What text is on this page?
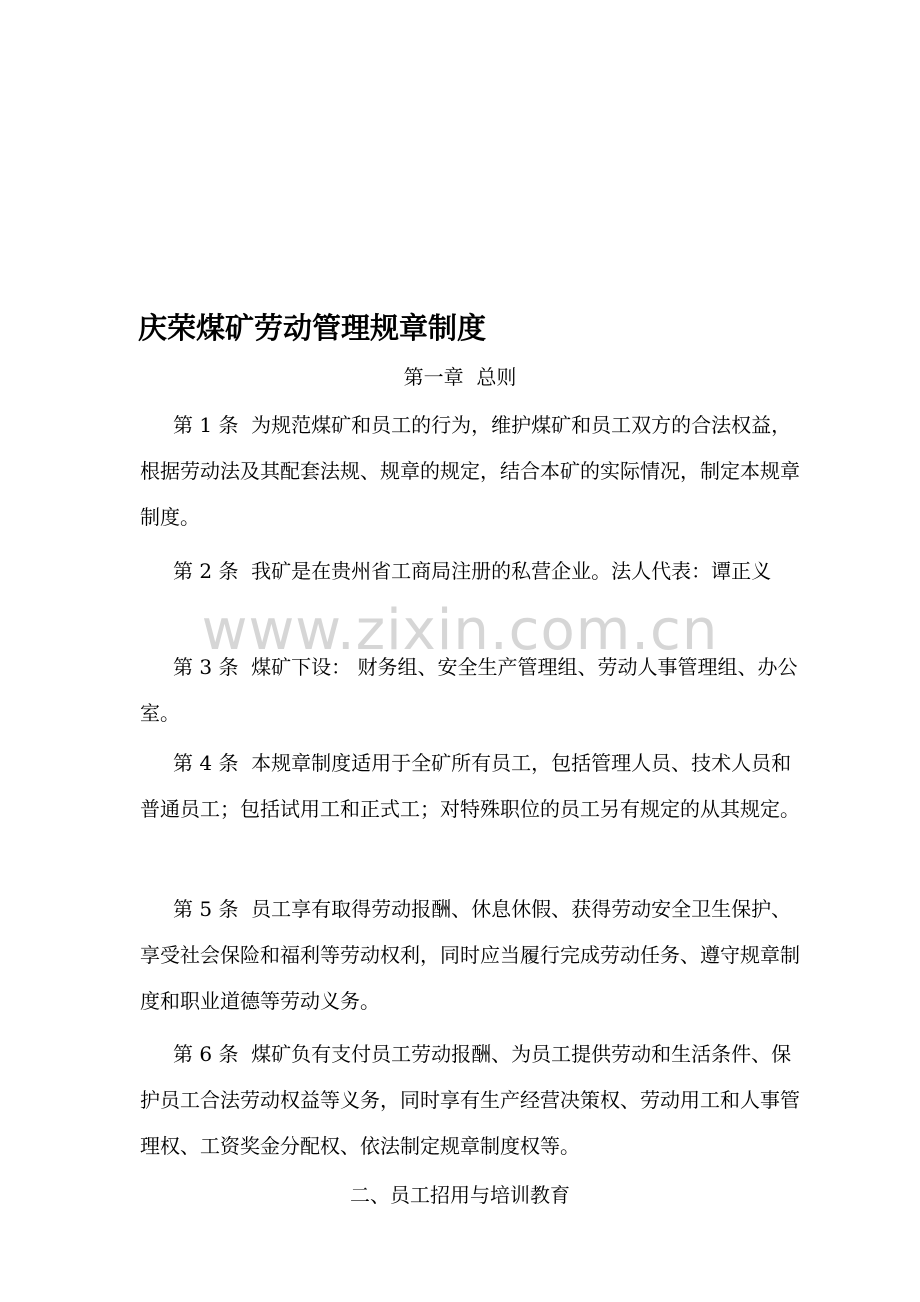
庆荣煤矿劳动管理规章制度

第一章  总则

第 1 条 为规范煤矿和员工的行为，维护煤矿和员工双方的合法权益，根据劳动法及其配套法规、规章的规定，结合本矿的实际情况，制定本规章制度。

第 2 条 我矿是在贵州省工商局注册的私营企业。法人代表：谭正义

第 3 条 煤矿下设： 财务组、安全生产管理组、劳动人事管理组、办公室。

第 4 条 本规章制度适用于全矿所有员工，包括管理人员、技术人员和普通员工；包括试用工和正式工；对特殊职位的员工另有规定的从其规定。

第 5 条 员工享有取得劳动报酬、休息休假、获得劳动安全卫生保护、享受社会保险和福利等劳动权利，同时应当履行完成劳动任务、遵守规章制度和职业道德等劳动义务。

第 6 条 煤矿负有支付员工劳动报酬、为员工提供劳动和生活条件、保护员工合法劳动权益等义务，同时享有生产经营决策权、劳动用工和人事管理权、工资奖金分配权、依法制定规章制度权等。

二、员工招用与培训教育

www.zixin.com.cn
